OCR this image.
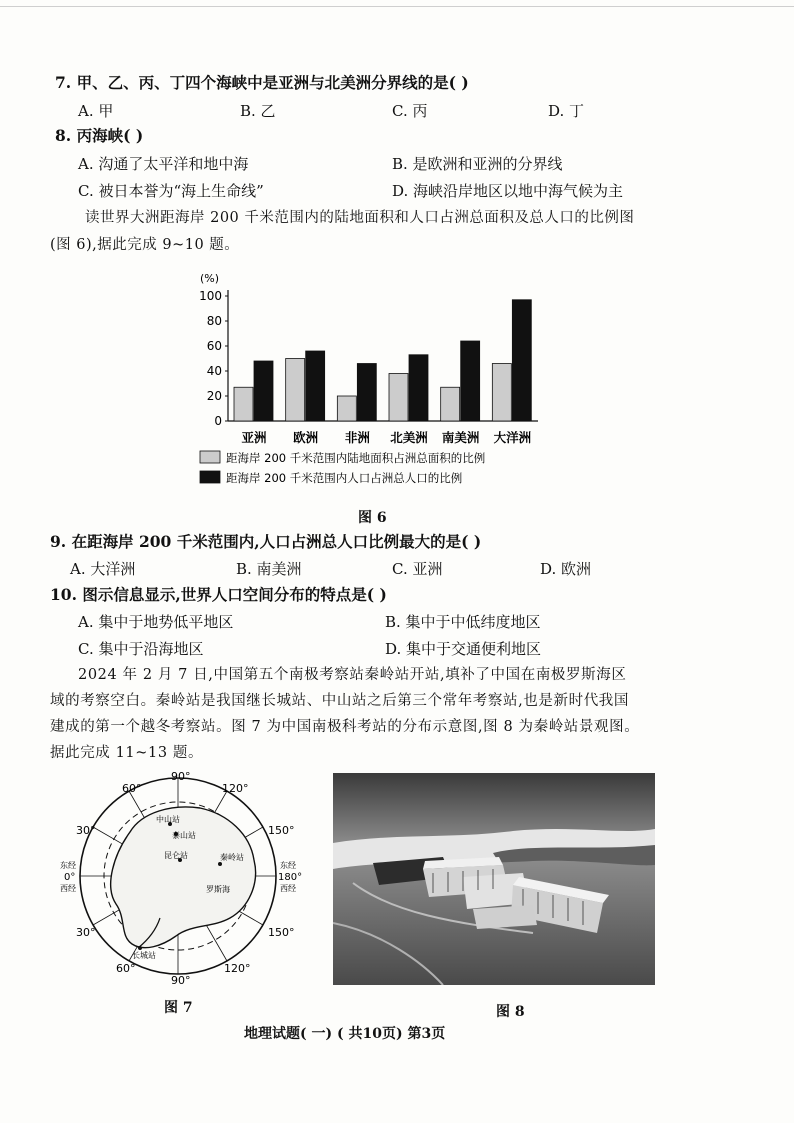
7. 甲、乙、丙、丁四个海峡中是亚洲与北美洲分界线的是( )
A. 甲	B. 乙	C. 丙	D. 丁
8. 丙海峡( )
A. 沟通了太平洋和地中海	B. 是欧洲和亚洲的分界线
C. 被日本誉为“海上生命线”	D. 海峡沿岸地区以地中海气候为主
读世界大洲距海岸 200 千米范围内的陆地面积和人口占洲总面积及总人口的比例图
(图 6),据此完成 9~10 题。
(%)
0
20
40
60
80
100
亚洲 欧洲 非洲 北美洲 南美洲 大洋洲
距海岸 200 千米范围内陆地面积占洲总面积的比例
距海岸 200 千米范围内人口占洲总人口的比例
图 6
9. 在距海岸 200 千米范围内,人口占洲总人口比例最大的是( )
A. 大洋洲	B. 南美洲	C. 亚洲	D. 欧洲
10. 图示信息显示,世界人口空间分布的特点是( )
A. 集中于地势低平地区	B. 集中于中低纬度地区
C. 集中于沿海地区	D. 集中于交通便利地区
2024 年 2 月 7 日,中国第五个南极考察站秦岭站开站,填补了中国在南极罗斯海区
域的考察空白。秦岭站是我国继长城站、中山站之后第三个常年考察站,也是新时代我国
建成的第一个越冬考察站。图 7 为中国南极科考站的分布示意图,图 8 为秦岭站景观图。
据此完成 11~13 题。
90°
90°
60°	120°
30°	150°
30°	150°
60°	120°
东经
0°
西经
东经
180°
西经
中山站
泰山站
昆仑站	秦岭站
罗斯海
长城站
图 7	图 8
地理试题( 一) ( 共10页) 第3页
